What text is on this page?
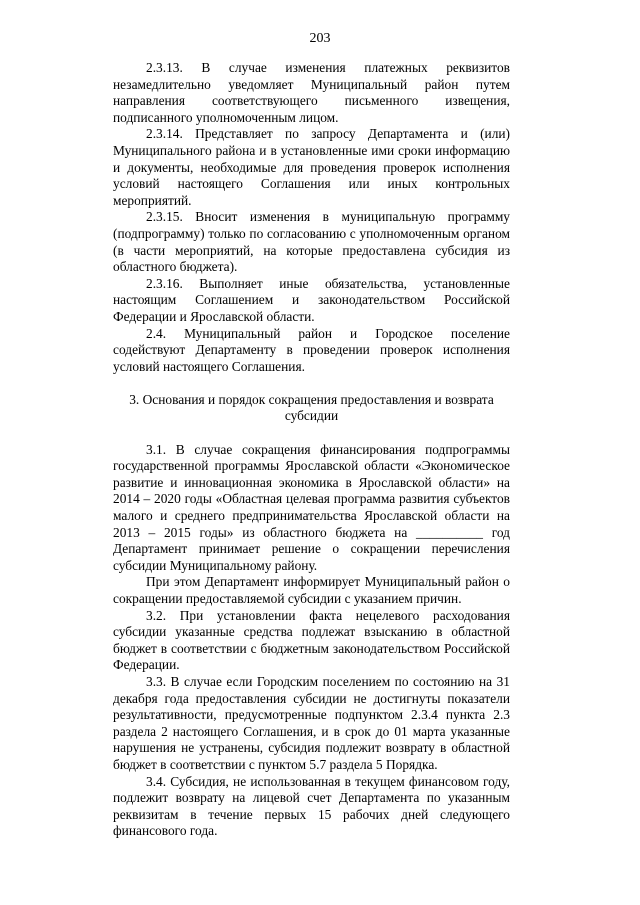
203

2.3.13. В случае изменения платежных реквизитов незамедлительно уведомляет Муниципальный район путем направления соответствующего письменного извещения, подписанного уполномоченным лицом.

2.3.14. Представляет по запросу Департамента и (или) Муниципального района и в установленные ими сроки информацию и документы, необходимые для проведения проверок исполнения условий настоящего Соглашения или иных контрольных мероприятий.

2.3.15. Вносит изменения в муниципальную программу (подпрограмму) только по согласованию с уполномоченным органом (в части мероприятий, на которые предоставлена субсидия из областного бюджета).

2.3.16. Выполняет иные обязательства, установленные настоящим Соглашением и законодательством Российской Федерации и Ярославской области.

2.4. Муниципальный район и Городское поселение содействуют Департаменту в проведении проверок исполнения условий настоящего Соглашения.

3. Основания и порядок сокращения предоставления и возврата субсидии

3.1. В случае сокращения финансирования подпрограммы государственной программы Ярославской области «Экономическое развитие и инновационная экономика в Ярославской области» на 2014 – 2020 годы «Областная целевая программа развития субъектов малого и среднего предпринимательства Ярославской области на 2013 – 2015 годы» из областного бюджета на __________ год Департамент принимает решение о сокращении перечисления субсидии Муниципальному району.

При этом Департамент информирует Муниципальный район о сокращении предоставляемой субсидии с указанием причин.

3.2. При установлении факта нецелевого расходования субсидии указанные средства подлежат взысканию в областной бюджет в соответствии с бюджетным законодательством Российской Федерации.

3.3. В случае если Городским поселением по состоянию на 31 декабря года предоставления субсидии не достигнуты показатели результативности, предусмотренные подпунктом 2.3.4 пункта 2.3 раздела 2 настоящего Соглашения, и в срок до 01 марта указанные нарушения не устранены, субсидия подлежит возврату в областной бюджет в соответствии с пунктом 5.7 раздела 5 Порядка.

3.4. Субсидия, не использованная в текущем финансовом году, подлежит возврату на лицевой счет Департамента по указанным реквизитам в течение первых 15 рабочих дней следующего финансового года.
